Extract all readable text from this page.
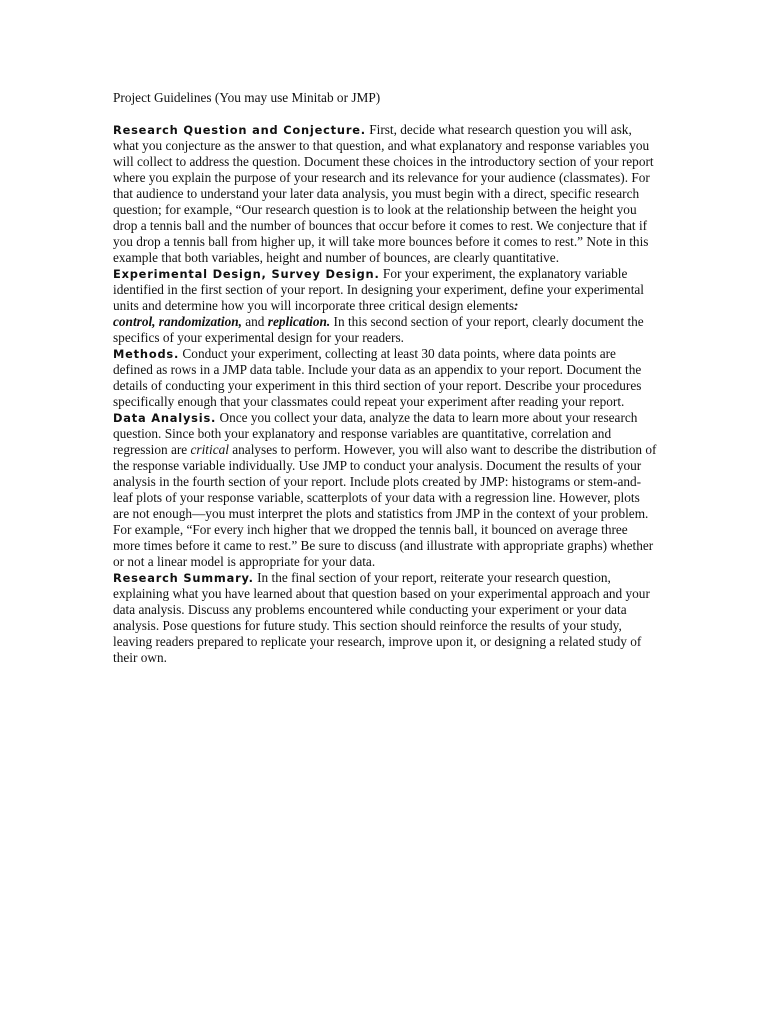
Project Guidelines (You may use Minitab or JMP)
Research Question and Conjecture. First, decide what research question you will ask, what you conjecture as the answer to that question, and what explanatory and response variables you will collect to address the question. Document these choices in the introductory section of your report where you explain the purpose of your research and its relevance for your audience (classmates). For that audience to understand your later data analysis, you must begin with a direct, specific research question; for example, “Our research question is to look at the relationship between the height you drop a tennis ball and the number of bounces that occur before it comes to rest. We conjecture that if you drop a tennis ball from higher up, it will take more bounces before it comes to rest.” Note in this example that both variables, height and number of bounces, are clearly quantitative.
Experimental Design, Survey Design. For your experiment, the explanatory variable identified in the first section of your report. In designing your experiment, define your experimental units and determine how you will incorporate three critical design elements:
control, randomization, and replication. In this second section of your report, clearly document the specifics of your experimental design for your readers.
Methods. Conduct your experiment, collecting at least 30 data points, where data points are defined as rows in a JMP data table. Include your data as an appendix to your report. Document the details of conducting your experiment in this third section of your report. Describe your procedures specifically enough that your classmates could repeat your experiment after reading your report.
Data Analysis. Once you collect your data, analyze the data to learn more about your research question. Since both your explanatory and response variables are quantitative, correlation and regression are critical analyses to perform. However, you will also want to describe the distribution of the response variable individually. Use JMP to conduct your analysis. Document the results of your analysis in the fourth section of your report. Include plots created by JMP: histograms or stem-and-leaf plots of your response variable, scatterplots of your data with a regression line. However, plots are not enough—you must interpret the plots and statistics from JMP in the context of your problem. For example, “For every inch higher that we dropped the tennis ball, it bounced on average three more times before it came to rest.” Be sure to discuss (and illustrate with appropriate graphs) whether or not a linear model is appropriate for your data.
Research Summary. In the final section of your report, reiterate your research question, explaining what you have learned about that question based on your experimental approach and your data analysis. Discuss any problems encountered while conducting your experiment or your data analysis. Pose questions for future study. This section should reinforce the results of your study, leaving readers prepared to replicate your research, improve upon it, or designing a related study of their own.
